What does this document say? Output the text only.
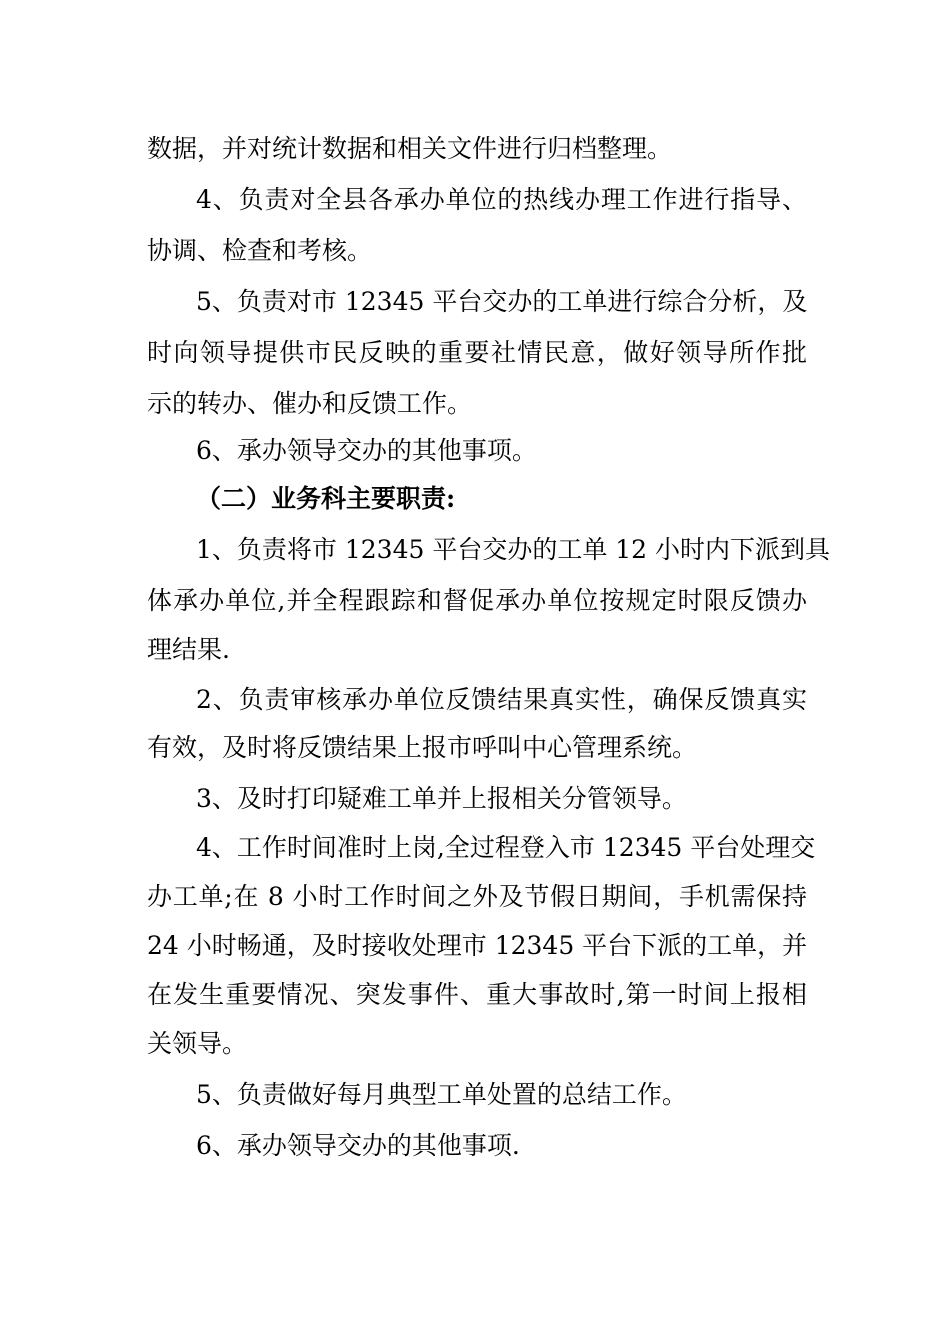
数据，并对统计数据和相关文件进行归档整理。
4、负责对全县各承办单位的热线办理工作进行指导、
协调、检查和考核。
5、负责对市 12345 平台交办的工单进行综合分析，及
时向领导提供市民反映的重要社情民意，做好领导所作批
示的转办、催办和反馈工作。
6、承办领导交办的其他事项。
（二）业务科主要职责:
1、负责将市 12345 平台交办的工单 12 小时内下派到具
体承办单位,并全程跟踪和督促承办单位按规定时限反馈办
理结果.
2、负责审核承办单位反馈结果真实性，确保反馈真实
有效，及时将反馈结果上报市呼叫中心管理系统。
3、及时打印疑难工单并上报相关分管领导。
4、工作时间准时上岗,全过程登入市 12345 平台处理交
办工单;在 8 小时工作时间之外及节假日期间，手机需保持
24 小时畅通，及时接收处理市 12345 平台下派的工单，并
在发生重要情况、突发事件、重大事故时,第一时间上报相
关领导。
5、负责做好每月典型工单处置的总结工作。
6、承办领导交办的其他事项.
